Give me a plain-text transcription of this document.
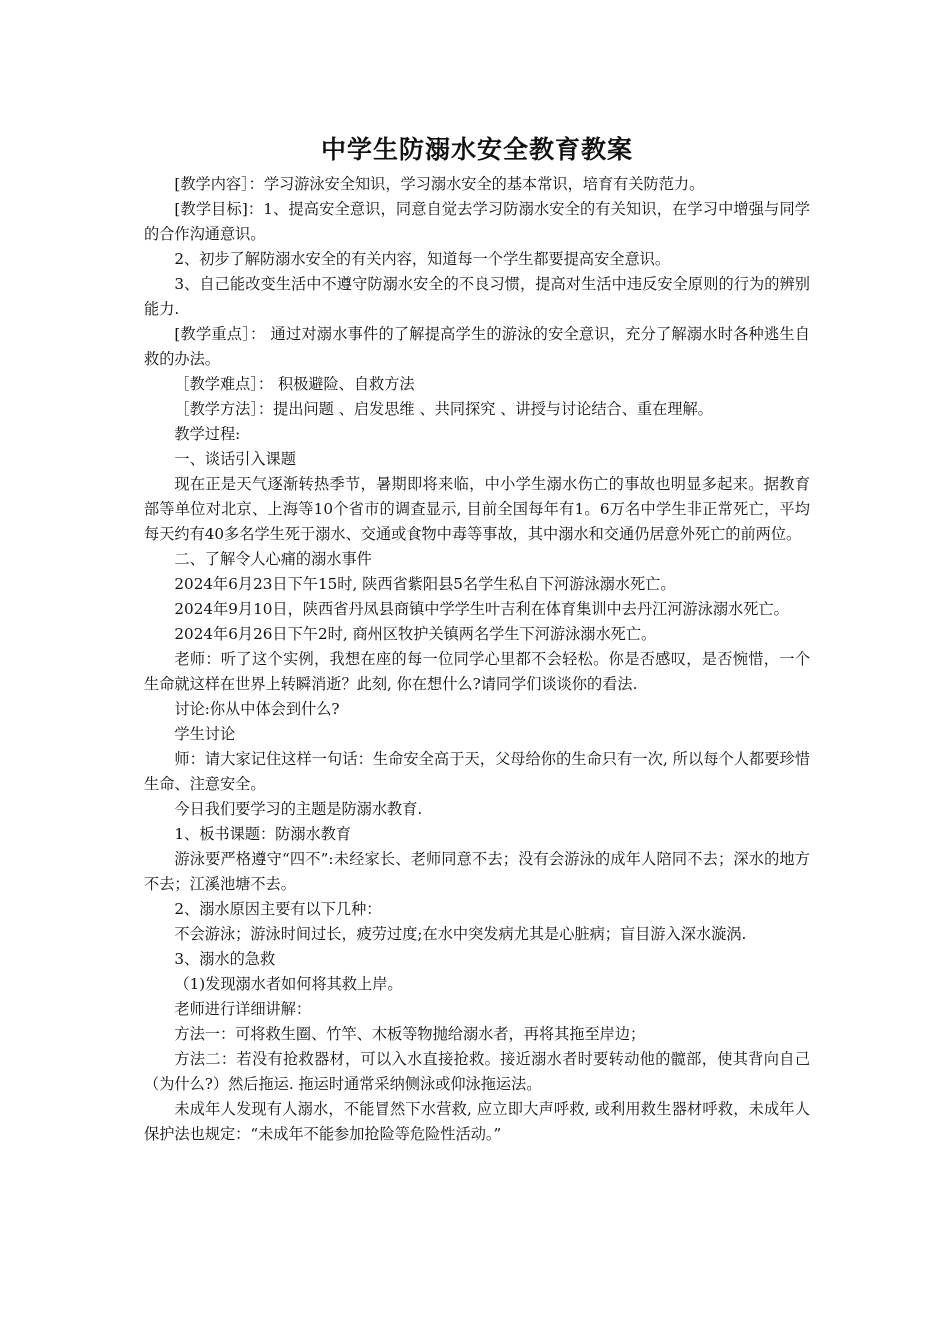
中学生防溺水安全教育教案

[教学内容］：学习游泳安全知识，学习溺水安全的基本常识，培育有关防范力。

[教学目标]：1、提高安全意识，同意自觉去学习防溺水安全的有关知识，在学习中增强与同学的合作沟通意识。

2、初步了解防溺水安全的有关内容，知道每一个学生都要提高安全意识。

3、自己能改变生活中不遵守防溺水安全的不良习惯，提高对生活中违反安全原则的行为的辨别能力.

[教学重点］： 通过对溺水事件的了解提高学生的游泳的安全意识，充分了解溺水时各种逃生自救的办法。

［教学难点］： 积极避险、自救方法

［教学方法］：提出问题 、启发思维 、共同探究 、讲授与讨论结合、重在理解。

教学过程:

一、谈话引入课题

现在正是天气逐渐转热季节，暑期即将来临，中小学生溺水伤亡的事故也明显多起来。据教育部等单位对北京、上海等10个省市的调查显示, 目前全国每年有1。6万名中学生非正常死亡，平均每天约有40多名学生死于溺水、交通或食物中毒等事故，其中溺水和交通仍居意外死亡的前两位。

二、了解令人心痛的溺水事件

2024年6月23日下午15时, 陕西省紫阳县5名学生私自下河游泳溺水死亡。

2024年9月10日，陕西省丹凤县商镇中学学生叶吉利在体育集训中去丹江河游泳溺水死亡。

2024年6月26日下午2时, 商州区牧护关镇两名学生下河游泳溺水死亡。

老师：听了这个实例，我想在座的每一位同学心里都不会轻松。你是否感叹，是否惋惜，一个生命就这样在世界上转瞬消逝？此刻, 你在想什么?请同学们谈谈你的看法.

讨论:你从中体会到什么?

学生讨论

师：请大家记住这样一句话：生命安全高于天，父母给你的生命只有一次, 所以每个人都要珍惜生命、注意安全。

今日我们要学习的主题是防溺水教育.

1、板书课题：防溺水教育

游泳要严格遵守“四不”:未经家长、老师同意不去；没有会游泳的成年人陪同不去；深水的地方不去；江溪池塘不去。

2、溺水原因主要有以下几种：

不会游泳；游泳时间过长，疲劳过度;在水中突发病尤其是心脏病；盲目游入深水漩涡.

3、溺水的急救

（1)发现溺水者如何将其救上岸。

老师进行详细讲解：

方法一：可将救生圈、竹竿、木板等物抛给溺水者，再将其拖至岸边；

方法二：若没有抢救器材，可以入水直接抢救。接近溺水者时要转动他的髋部，使其背向自己（为什么?）然后拖运. 拖运时通常采纳侧泳或仰泳拖运法。

未成年人发现有人溺水，不能冒然下水营救, 应立即大声呼救, 或利用救生器材呼救，未成年人保护法也规定：“未成年不能参加抢险等危险性活动。”
